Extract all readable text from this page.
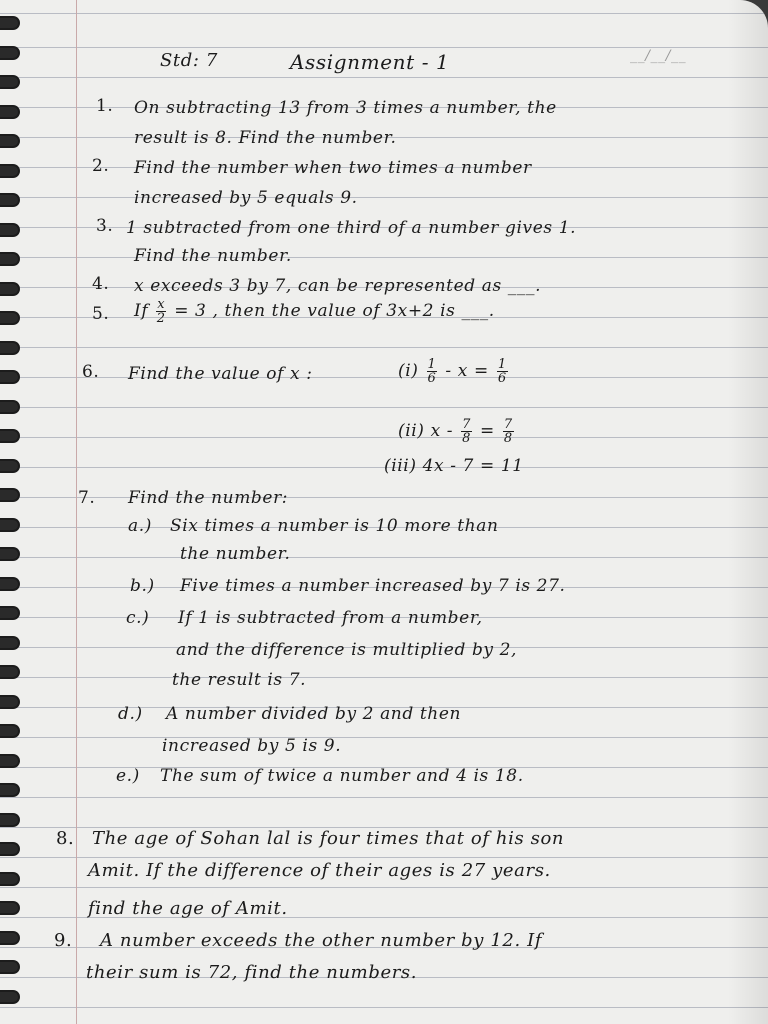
Std: 7	Assignment - 1	__/__/__
1. On subtracting 13 from 3 times a number, the
result is 8. Find the number.
2. Find the number when two times a number
increased by 5 equals 9.
3. 1 subtracted from one third of a number gives 1.
Find the number.
4. x exceeds 3 by 7, can be represented as ___.
5. If $\frac{x}{2} = 3$ , then the value of 3x+2 is ___.
6. Find the value of x :	$(i) \frac{1}{6} - x = \frac{1}{6}$
(ii) $x - \frac{7}{8} = \frac{7}{8}$
(iii) 4x - 7 = 11
7. Find the number:
a.) Six times a number is 10 more than
the number.
b.) Five times a number increased by 7 is 27.
c.) If 1 is subtracted from a number,
and the difference is multiplied by 2,
the result is 7.
d.) A number divided by 2 and then
increased by 5 is 9.
e.) The sum of twice a number and 4 is 18.
8. The age of Sohan lal is four times that of his son
Amit. If the difference of their ages is 27 years.
find the age of Amit.
9. A number exceeds the other number by 12. If
their sum is 72, find the numbers.
